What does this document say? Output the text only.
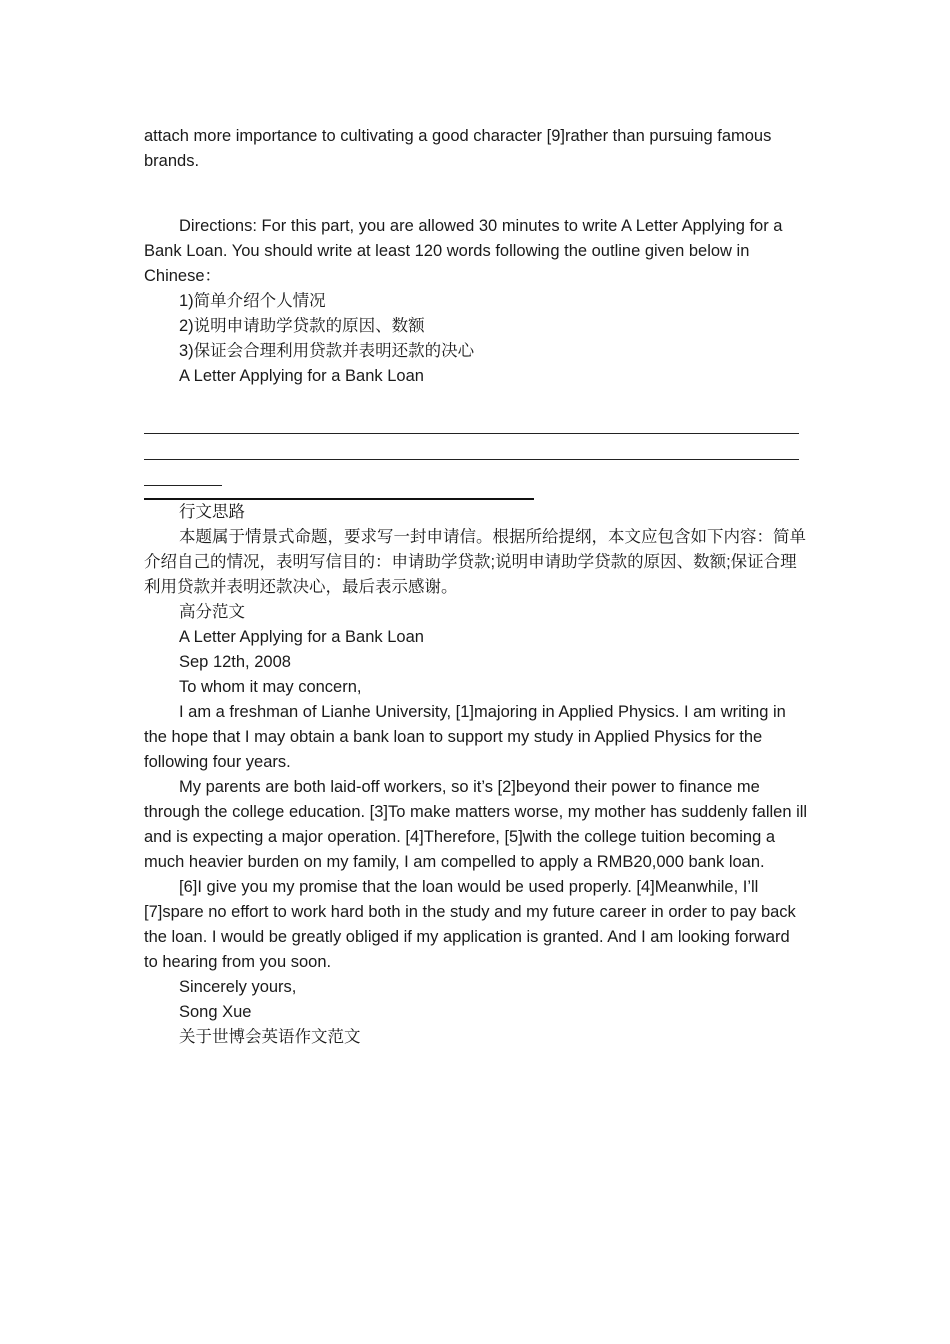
attach more importance to cultivating a good character [9]rather than pursuing famous brands.

Directions: For this part, you are allowed 30 minutes to write A Letter Applying for a Bank Loan. You should write at least 120 words following the outline given below in Chinese：

1)简单介绍个人情况

2)说明申请助学贷款的原因、数额

3)保证会合理利用贷款并表明还款的决心

A Letter Applying for a Bank Loan

行文思路

本题属于情景式命题，要求写一封申请信。根据所给提纲，本文应包含如下内容：简单介绍自己的情况，表明写信目的：申请助学贷款;说明申请助学贷款的原因、数额;保证合理利用贷款并表明还款决心，最后表示感谢。

高分范文

A Letter Applying for a Bank Loan

Sep 12th, 2008

To whom it may concern,

I am a freshman of Lianhe University, [1]majoring in Applied Physics. I am writing in the hope that I may obtain a bank loan to support my study in Applied Physics for the following four years.

My parents are both laid-off workers, so it’s [2]beyond their power to finance me through the college education. [3]To make matters worse, my mother has suddenly fallen ill and is expecting a major operation. [4]Therefore, [5]with the college tuition becoming a much heavier burden on my family, I am compelled to apply a RMB20,000 bank loan.

[6]I give you my promise that the loan would be used properly. [4]Meanwhile, I’ll [7]spare no effort to work hard both in the study and my future career in order to pay back the loan. I would be greatly obliged if my application is granted. And I am looking forward to hearing from you soon.

Sincerely yours,

Song Xue

关于世博会英语作文范文
